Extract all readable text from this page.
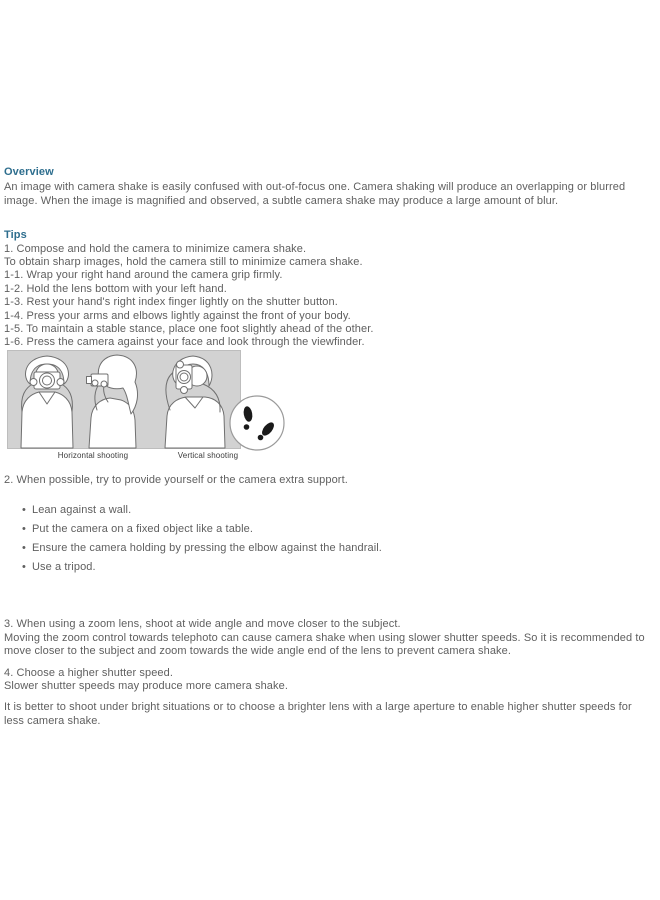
Overview

An image with camera shake is easily confused with out-of-focus one. Camera shaking will produce an overlapping or blurred image. When the image is magnified and observed, a subtle camera shake may produce a large amount of blur.

Tips

1. Compose and hold the camera to minimize camera shake.

To obtain sharp images, hold the camera still to minimize camera shake.

1-1. Wrap your right hand around the camera grip firmly.

1-2. Hold the lens bottom with your left hand.

1-3. Rest your hand's right index finger lightly on the shutter button.

1-4. Press your arms and elbows lightly against the front of your body.

1-5. To maintain a stable stance, place one foot slightly ahead of the other.

1-6. Press the camera against your face and look through the viewfinder.

Horizontal shooting	Vertical shooting

2. When possible, try to provide yourself or the camera extra support.

• Lean against a wall.
• Put the camera on a fixed object like a table.
• Ensure the camera holding by pressing the elbow against the handrail.
• Use a tripod.

3. When using a zoom lens, shoot at wide angle and move closer to the subject.

Moving the zoom control towards telephoto can cause camera shake when using slower shutter speeds. So it is recommended to move closer to the subject and zoom towards the wide angle end of the lens to prevent camera shake.

4. Choose a higher shutter speed.

Slower shutter speeds may produce more camera shake.

It is better to shoot under bright situations or to choose a brighter lens with a large aperture to enable higher shutter speeds for less camera shake.
